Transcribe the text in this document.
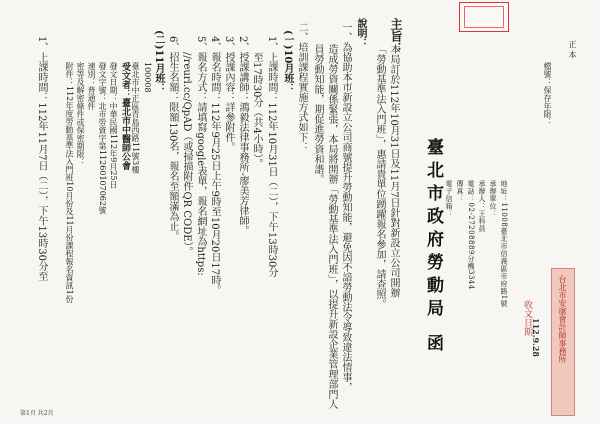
正 本
檔號：保存年限：
臺北市政府勞動局 函	地址：11008臺北市信義區市府路1號
承辦單位：
承辦人：王科員
電話：02-27208889分機3344
傳真：
電子信箱：
台北市安康會計師事務所
112.9.28
收文日期
100008
臺北市中正區青島西路11號3樓
受文者：臺北市中醫師公會
發文日期：中華民國112年9月25日
發文字號：北市勞資字第11260107062號
速別：普通件
密等及解密條件或保密期限：
附件：112年度勞動基準法入門班10月份及11月份課程報名資訊1份
主旨：
本局訂於112年10月31日及11月7日針對新設立公司開辦
「勞動基準法入門班」，惠請貴單位踴躍報名參加，請查照。
說明：
一、為協助本市新設立公司商號提升勞動知能，避免因不諳勞動法令導致違法情事，
造成勞資關係緊張，本局將開辦「勞動基準法入門班」，以提升新設企業管理部門人
員勞動知能，期促進勞資和諧。
二、培訓課程實施方式如下：
(一)10月班：
1、上課時間：112年10月31日（二），下午13時30分
至17時30分（共4小時）。
2、授課講師：鴻毅法律事務所-廖美芳律師。
3、授課內容：詳參附件。
4、報名時間：112年9月25日上午9時至10月20日17時。
5、報名方式：請填寫google表單，報名網址為https:
//reurl.cc/QpAD（或掃描附件QR CODE）。
6、招生名額：限額130名，報名至額滿為止。
(二)11月班：
1、上課時間：112年11月7日（二），下午13時30分至
第1頁 共2頁
